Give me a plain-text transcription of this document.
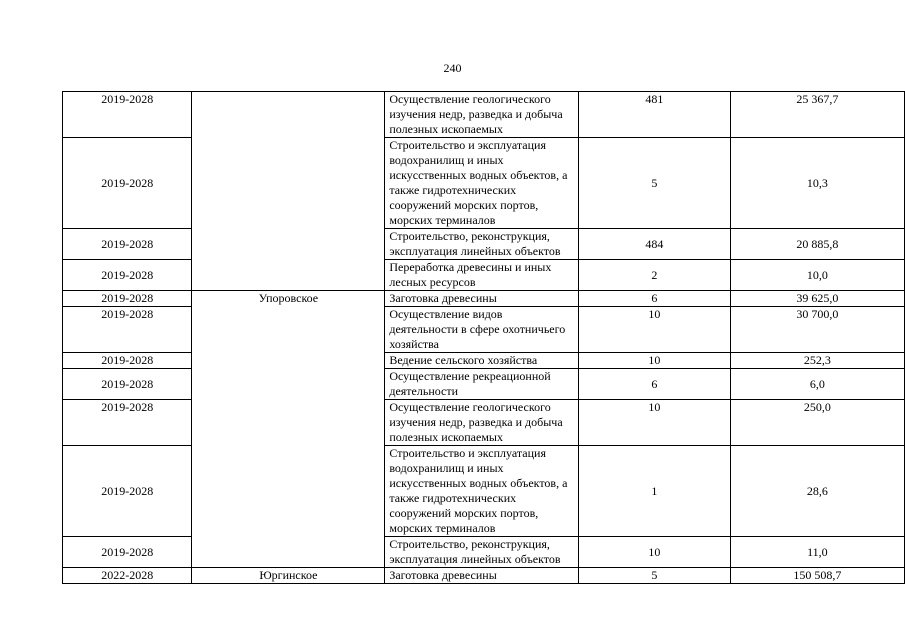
240
2019-2028		Осуществление геологического изучения недр, разведка и добыча полезных ископаемых	481	25 367,7
2019-2028		Строительство и эксплуатация водохранилищ и иных искусственных водных объектов, а также гидротехнических сооружений морских портов, морских терминалов	5	10,3
2019-2028		Строительство, реконструкция, эксплуатация линейных объектов	484	20 885,8
2019-2028		Переработка древесины и иных лесных ресурсов	2	10,0
2019-2028	Упоровское	Заготовка древесины	6	39 625,0
2019-2028		Осуществление видов деятельности в сфере охотничьего хозяйства	10	30 700,0
2019-2028		Ведение сельского хозяйства	10	252,3
2019-2028		Осуществление рекреационной деятельности	6	6,0
2019-2028		Осуществление геологического изучения недр, разведка и добыча полезных ископаемых	10	250,0
2019-2028		Строительство и эксплуатация водохранилищ и иных искусственных водных объектов, а также гидротехнических сооружений морских портов, морских терминалов	1	28,6
2019-2028		Строительство, реконструкция, эксплуатация линейных объектов	10	11,0
2022-2028	Юргинское	Заготовка древесины	5	150 508,7
